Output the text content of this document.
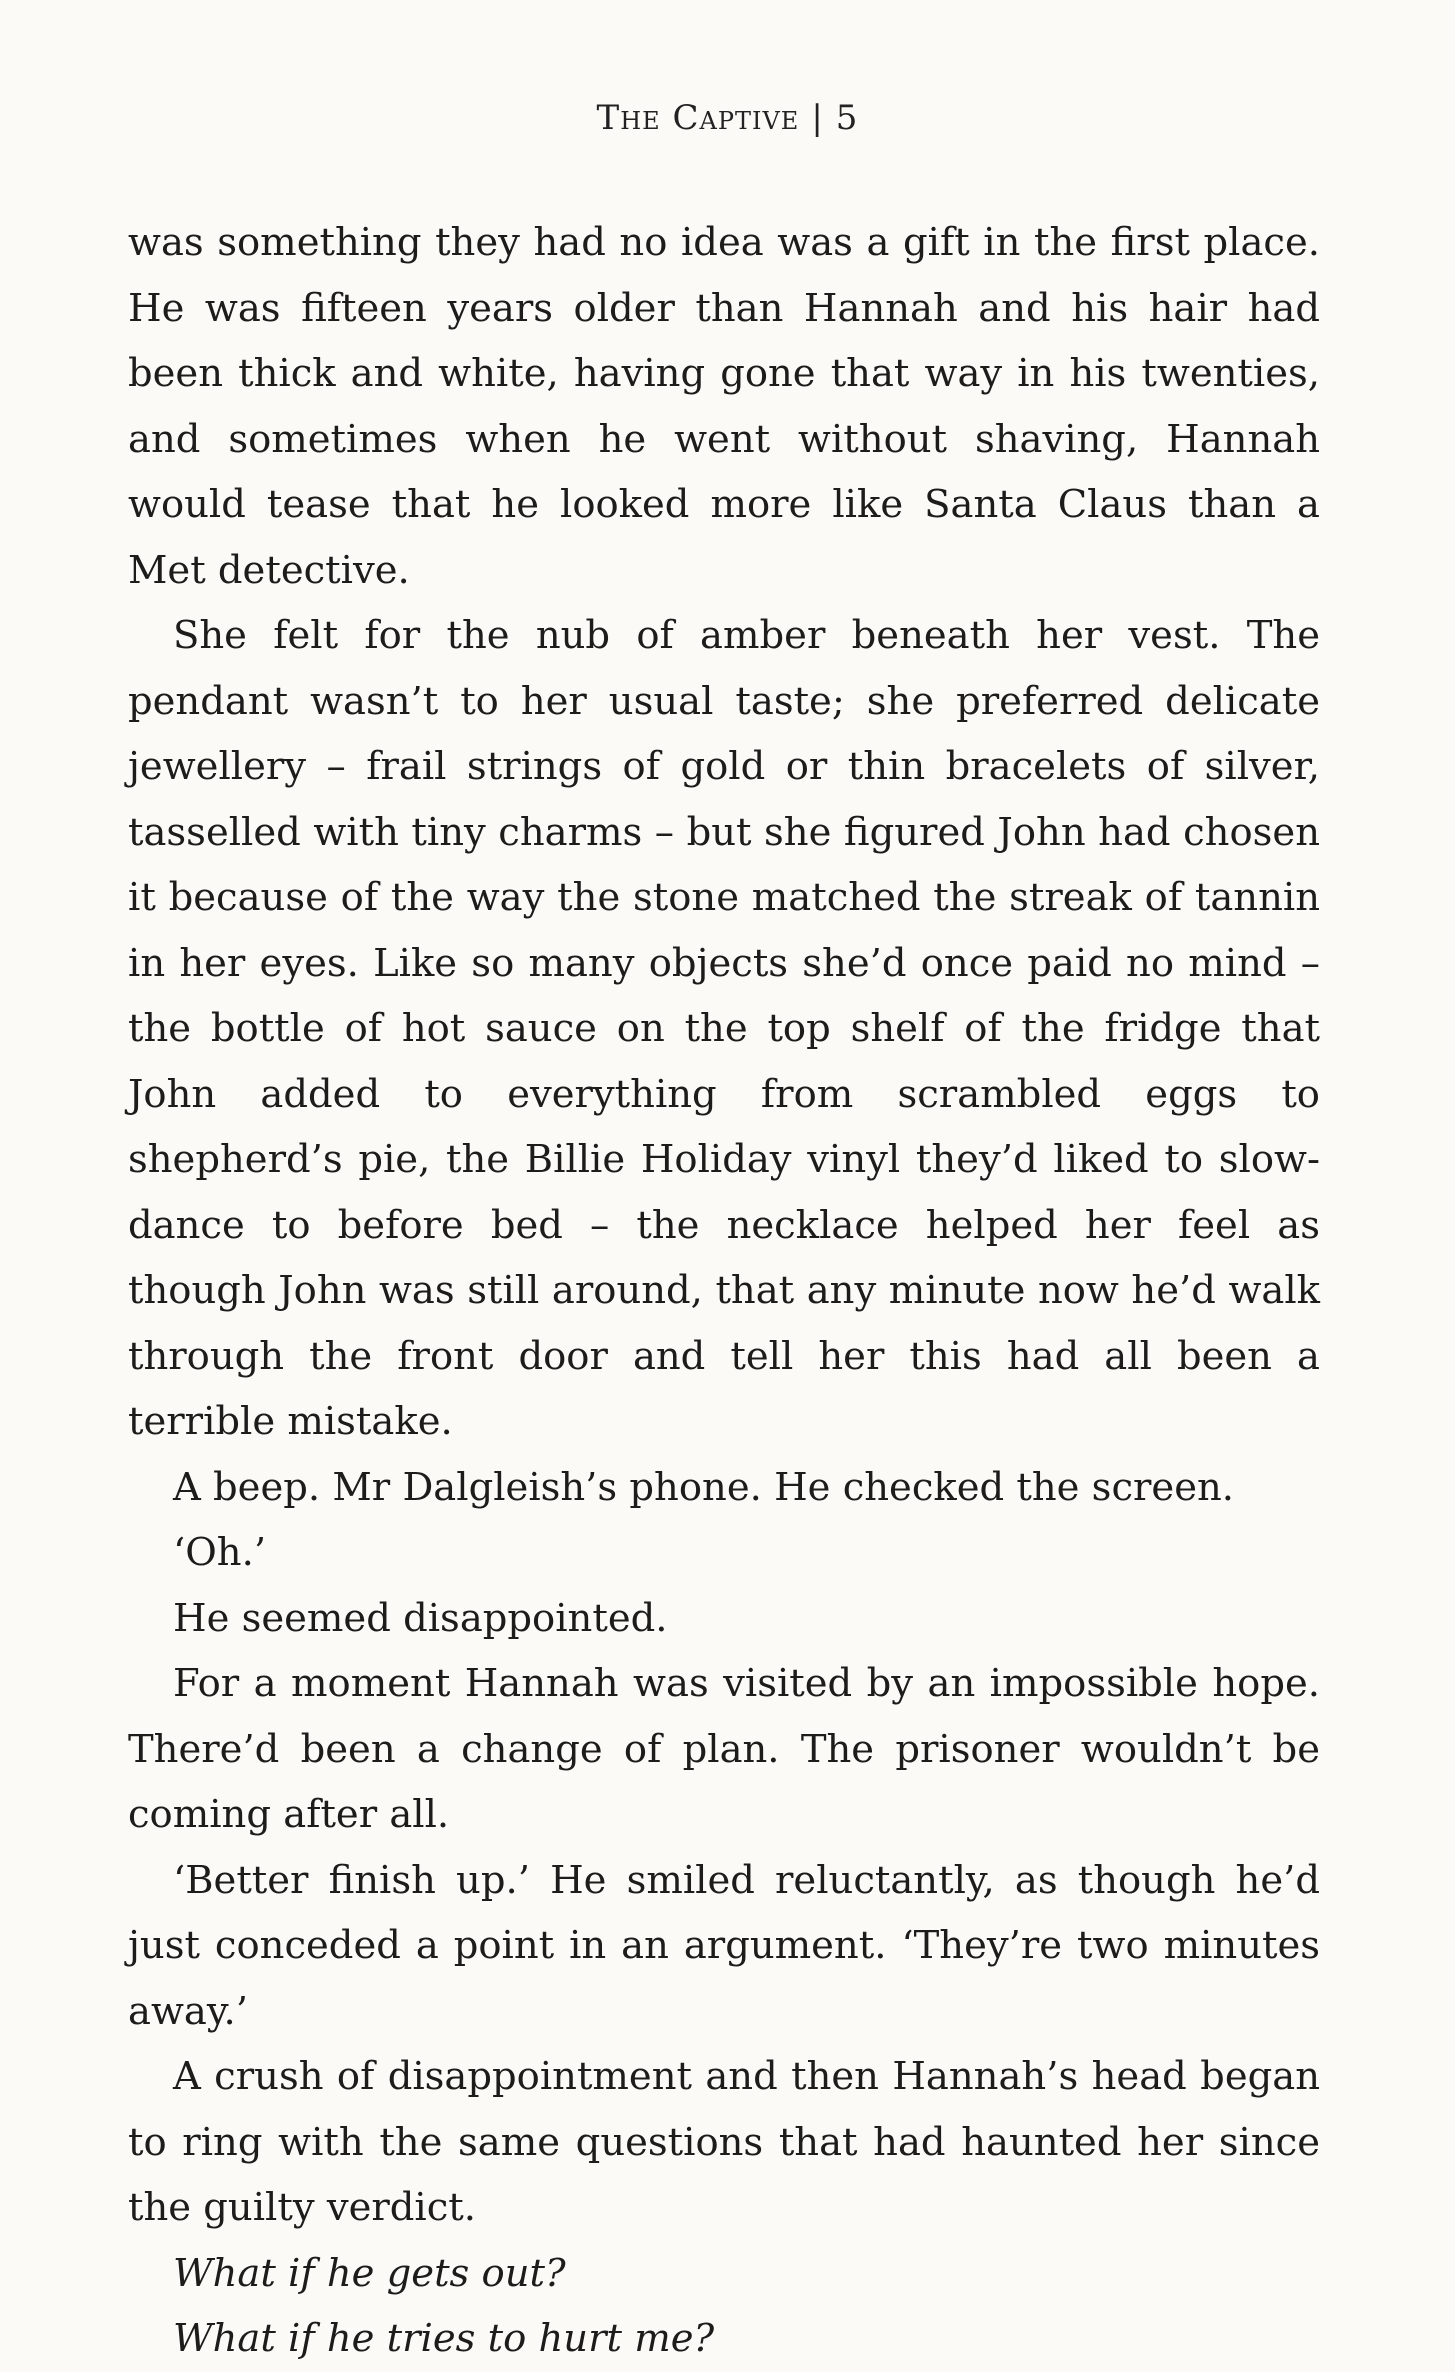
The Captive | 5

was something they had no idea was a gift in the first place. He was fifteen years older than Hannah and his hair had been thick and white, having gone that way in his twenties, and sometimes when he went without shaving, Hannah would tease that he looked more like Santa Claus than a Met detective.

She felt for the nub of amber beneath her vest. The pendant wasn’t to her usual taste; she preferred delicate jewellery – frail strings of gold or thin bracelets of silver, tasselled with tiny charms – but she figured John had chosen it because of the way the stone matched the streak of tannin in her eyes. Like so many objects she’d once paid no mind – the bottle of hot sauce on the top shelf of the fridge that John added to everything from scrambled eggs to shepherd’s pie, the Billie Holiday vinyl they’d liked to slow-dance to before bed – the necklace helped her feel as though John was still around, that any minute now he’d walk through the front door and tell her this had all been a terrible mistake.

A beep. Mr Dalgleish’s phone. He checked the screen.

‘Oh.’

He seemed disappointed.

For a moment Hannah was visited by an impossible hope. There’d been a change of plan. The prisoner wouldn’t be coming after all.

‘Better finish up.’ He smiled reluctantly, as though he’d just conceded a point in an argument. ‘They’re two minutes away.’

A crush of disappointment and then Hannah’s head began to ring with the same questions that had haunted her since the guilty verdict.

What if he gets out?

What if he tries to hurt me?
